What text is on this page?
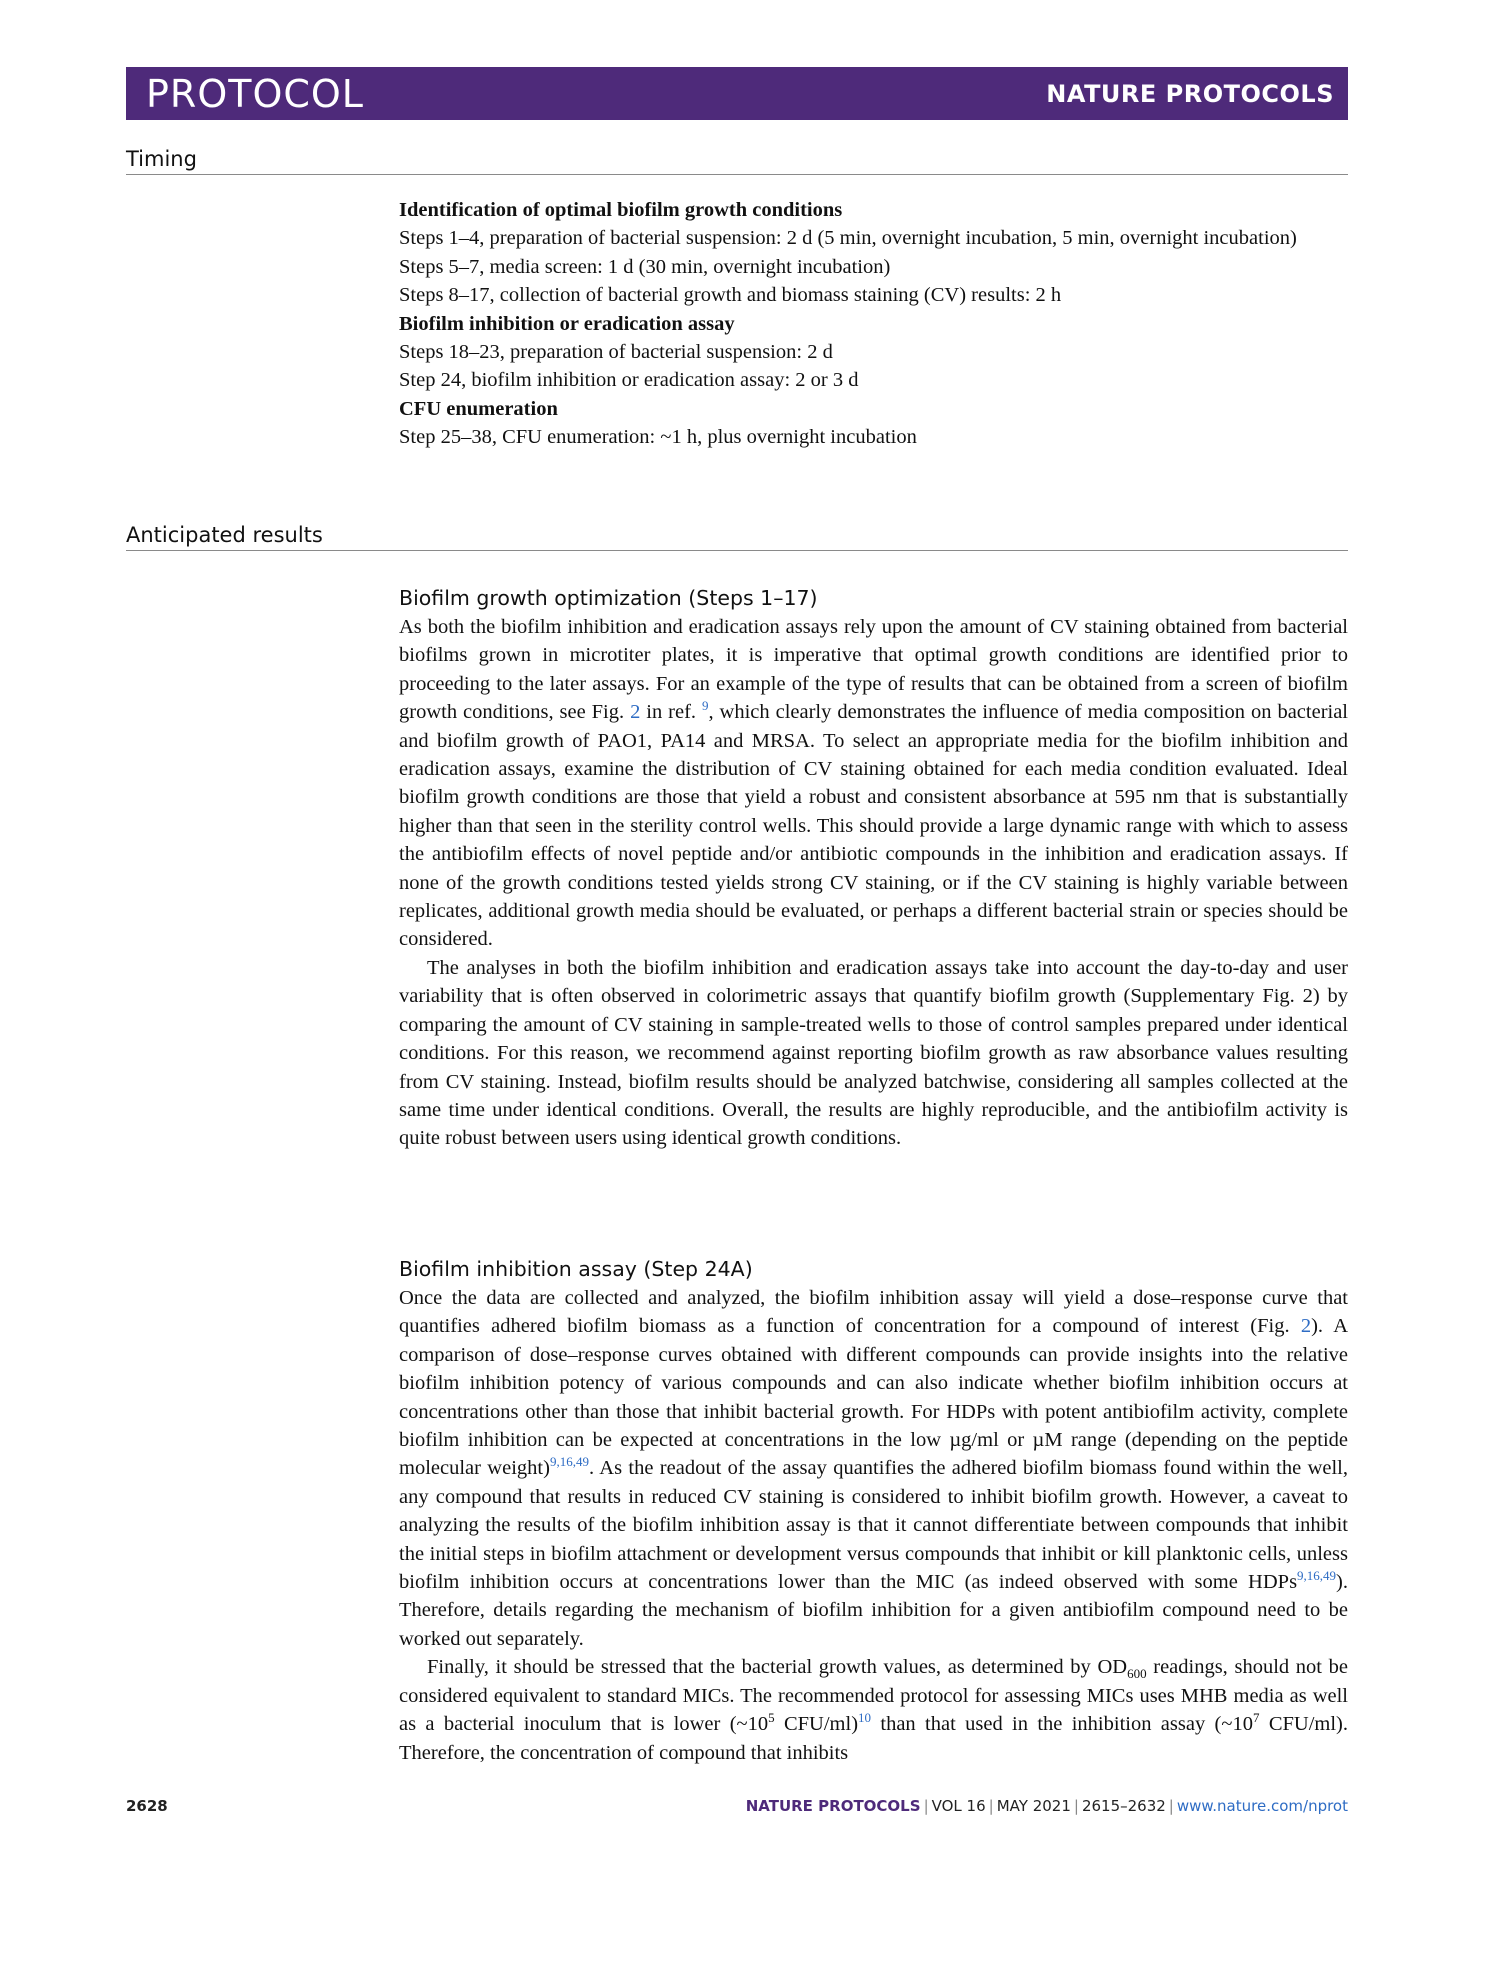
PROTOCOL	NATURE PROTOCOLS
Timing

Identification of optimal biofilm growth conditions

Steps 1–4, preparation of bacterial suspension: 2 d (5 min, overnight incubation, 5 min, overnight incubation)

Steps 5–7, media screen: 1 d (30 min, overnight incubation)

Steps 8–17, collection of bacterial growth and biomass staining (CV) results: 2 h

Biofilm inhibition or eradication assay

Steps 18–23, preparation of bacterial suspension: 2 d

Step 24, biofilm inhibition or eradication assay: 2 or 3 d

CFU enumeration

Step 25–38, CFU enumeration: ~1 h, plus overnight incubation

Anticipated results
Biofilm growth optimization (Steps 1–17)

As both the biofilm inhibition and eradication assays rely upon the amount of CV staining obtained from bacterial biofilms grown in microtiter plates, it is imperative that optimal growth conditions are identified prior to proceeding to the later assays. For an example of the type of results that can be obtained from a screen of biofilm growth conditions, see Fig. 2 in ref. $^9$, which clearly demonstrates the influence of media composition on bacterial and biofilm growth of PAO1, PA14 and MRSA. To select an appropriate media for the biofilm inhibition and eradication assays, examine the distribution of CV staining obtained for each media condition evaluated. Ideal biofilm growth conditions are those that yield a robust and consistent absorbance at 595 nm that is substantially higher than that seen in the sterility control wells. This should provide a large dynamic range with which to assess the antibiofilm effects of novel peptide and/or antibiotic compounds in the inhibition and eradication assays. If none of the growth conditions tested yields strong CV staining, or if the CV staining is highly variable between replicates, additional growth media should be evaluated, or perhaps a different bacterial strain or species should be considered.

The analyses in both the biofilm inhibition and eradication assays take into account the day-to-day and user variability that is often observed in colorimetric assays that quantify biofilm growth (Supplementary Fig. 2) by comparing the amount of CV staining in sample-treated wells to those of control samples prepared under identical conditions. For this reason, we recommend against reporting biofilm growth as raw absorbance values resulting from CV staining. Instead, biofilm results should be analyzed batchwise, considering all samples collected at the same time under identical conditions. Overall, the results are highly reproducible, and the antibiofilm activity is quite robust between users using identical growth conditions.

Biofilm inhibition assay (Step 24A)

Once the data are collected and analyzed, the biofilm inhibition assay will yield a dose–response curve that quantifies adhered biofilm biomass as a function of concentration for a compound of interest (Fig. 2). A comparison of dose–response curves obtained with different compounds can provide insights into the relative biofilm inhibition potency of various compounds and can also indicate whether biofilm inhibition occurs at concentrations other than those that inhibit bacterial growth. For HDPs with potent antibiofilm activity, complete biofilm inhibition can be expected at concentrations in the low µg/ml or µM range (depending on the peptide molecular weight)$^{9,16,49}$. As the readout of the assay quantifies the adhered biofilm biomass found within the well, any compound that results in reduced CV staining is considered to inhibit biofilm growth. However, a caveat to analyzing the results of the biofilm inhibition assay is that it cannot differentiate between compounds that inhibit the initial steps in biofilm attachment or development versus compounds that inhibit or kill planktonic cells, unless biofilm inhibition occurs at concentrations lower than the MIC (as indeed observed with some HDPs$^{9,16,49}$). Therefore, details regarding the mechanism of biofilm inhibition for a given antibiofilm compound need to be worked out separately.

Finally, it should be stressed that the bacterial growth values, as determined by $OD_{600}$ readings, should not be considered equivalent to standard MICs. The recommended protocol for assessing MICs uses MHB media as well as a bacterial inoculum that is lower ($\sim 10^5$ CFU/ml)$^{10}$ than that used in the inhibition assay ($\sim 10^7$ CFU/ml). Therefore, the concentration of compound that inhibits

2628	NATURE PROTOCOLS | VOL 16 | MAY 2021 | 2615–2632 | www.nature.com/nprot
